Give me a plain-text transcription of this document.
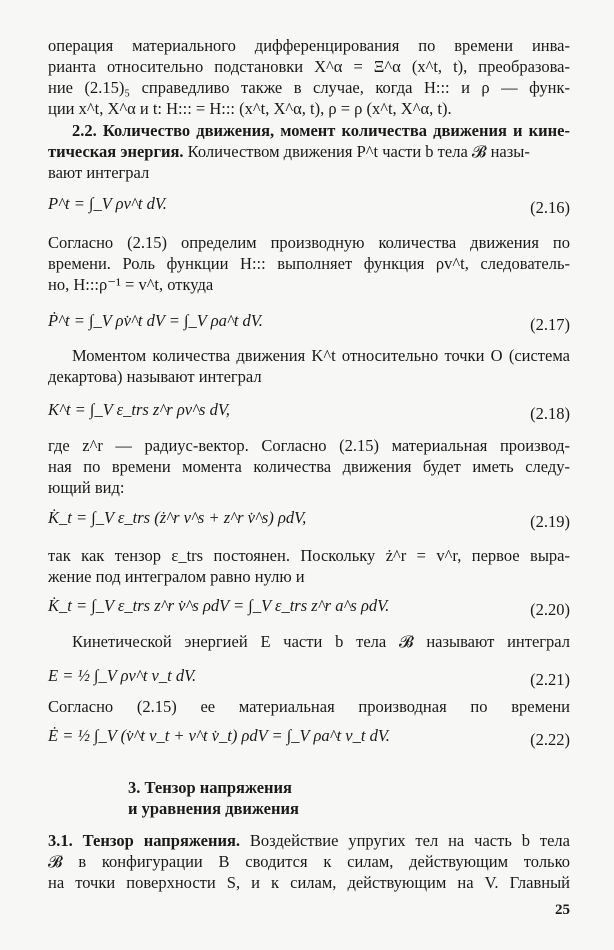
операция материального дифференцирования по времени инва-
рианта относительно подстановки X^α = Ξ^α (x^t, t), преобразова-
ние (2.15)₅ справедливо также в случае, когда H::: и ρ — функ-
ции x^t, X^α и t: H::: = H::: (x^t, X^α, t), ρ = ρ (x^t, X^α, t).
2.2. Количество движения, момент количества движения и кине-
тическая энергия. Количеством движения P^t части b тела 𝓑 назы-
вают интеграл
P^t = ∫_V ρv^t dV.	(2.16)
Согласно (2.15) определим производную количества движения по
времени. Роль функции H::: выполняет функция ρv^t, следователь-
но, H:::ρ⁻¹ = v^t, откуда
Ṗ^t = ∫_V ρv̇^t dV = ∫_V ρa^t dV.	(2.17)
Моментом количества движения K^t относительно точки O (система
декартова) называют интеграл
K^t = ∫_V ε_trs z^r ρv^s dV,	(2.18)
где z^r — радиус-вектор. Согласно (2.15) материальная производ-
ная по времени момента количества движения будет иметь следу-
ющий вид:
K̇_t = ∫_V ε_trs (ż^r v^s + z^r v̇^s) ρdV,	(2.19)
так как тензор ε_trs постоянен. Поскольку ż^r = v^r, первое выра-
жение под интегралом равно нулю и
K̇_t = ∫_V ε_trs z^r v̇^s ρdV = ∫_V ε_trs z^r a^s ρdV.	(2.20)
Кинетической энергией E части b тела 𝓑 называют интеграл
E = ½ ∫_V ρv^t v_t dV.	(2.21)
Согласно (2.15) ее материальная производная по времени
Ė = ½ ∫_V (v̇^t v_t + v^t v̇_t) ρdV = ∫_V ρa^t v_t dV.	(2.22)
3. Тензор напряжения
и уравнения движения
3.1. Тензор напряжения. Воздействие упругих тел на часть b тела
𝓑 в конфигурации B сводится к силам, действующим только
на точки поверхности S, и к силам, действующим на V. Главный
25
